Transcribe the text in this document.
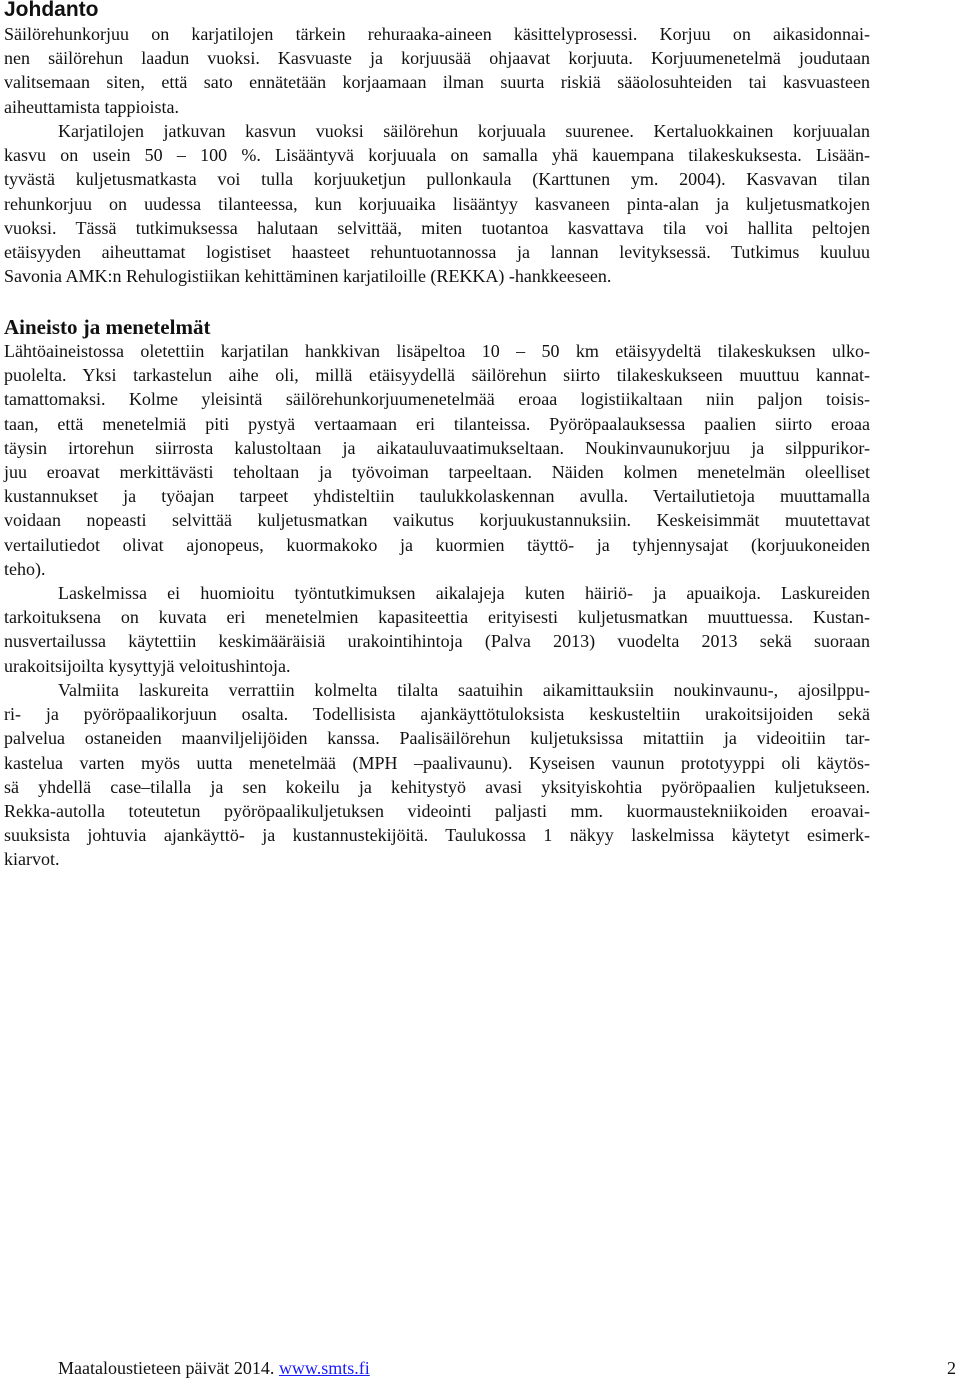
Johdanto
Säilörehunkorjuu on karjatilojen tärkein rehuraaka-aineen käsittelyprosessi. Korjuu on aikasidonnai-
nen säilörehun laadun vuoksi. Kasvuaste ja korjuusää ohjaavat korjuuta. Korjuumenetelmä joudutaan
valitsemaan siten, että sato ennätetään korjaamaan ilman suurta riskiä sääolosuhteiden tai kasvuasteen
aiheuttamista tappioista.
Karjatilojen jatkuvan kasvun vuoksi säilörehun korjuuala suurenee. Kertaluokkainen korjuualan
kasvu on usein 50 – 100 %. Lisääntyvä korjuuala on samalla yhä kauempana tilakeskuksesta. Lisään-
tyvästä kuljetusmatkasta voi tulla korjuuketjun pullonkaula (Karttunen ym. 2004). Kasvavan tilan
rehunkorjuu on uudessa tilanteessa, kun korjuuaika lisääntyy kasvaneen pinta-alan ja kuljetusmatkojen
vuoksi. Tässä tutkimuksessa halutaan selvittää, miten tuotantoa kasvattava tila voi hallita peltojen
etäisyyden aiheuttamat logistiset haasteet rehuntuotannossa ja lannan levityksessä. Tutkimus kuuluu
Savonia AMK:n Rehulogistiikan kehittäminen karjatiloille (REKKA) -hankkeeseen.
Aineisto ja menetelmät
Lähtöaineistossa oletettiin karjatilan hankkivan lisäpeltoa 10 – 50 km etäisyydeltä tilakeskuksen ulko-
puolelta. Yksi tarkastelun aihe oli, millä etäisyydellä säilörehun siirto tilakeskukseen muuttuu kannat-
tamattomaksi. Kolme yleisintä säilörehunkorjuumenetelmää eroaa logistiikaltaan niin paljon toisis-
taan, että menetelmiä piti pystyä vertaamaan eri tilanteissa. Pyöröpaalauksessa paalien siirto eroaa
täysin irtorehun siirrosta kalustoltaan ja aikatauluvaatimukseltaan. Noukinvaunukorjuu ja silppurikor-
juu eroavat merkittävästi teholtaan ja työvoiman tarpeeltaan. Näiden kolmen menetelmän oleelliset
kustannukset ja työajan tarpeet yhdisteltiin taulukkolaskennan avulla. Vertailutietoja muuttamalla
voidaan nopeasti selvittää kuljetusmatkan vaikutus korjuukustannuksiin. Keskeisimmät muutettavat
vertailutiedot olivat ajonopeus, kuormakoko ja kuormien täyttö- ja tyhjennysajat (korjuukoneiden
teho).
Laskelmissa ei huomioitu työntutkimuksen aikalajeja kuten häiriö- ja apuaikoja. Laskureiden
tarkoituksena on kuvata eri menetelmien kapasiteettia erityisesti kuljetusmatkan muuttuessa. Kustan-
nusvertailussa käytettiin keskimääräisiä urakointihintoja (Palva 2013) vuodelta 2013 sekä suoraan
urakoitsijoilta kysyttyjä veloitushintoja.
Valmiita laskureita verrattiin kolmelta tilalta saatuihin aikamittauksiin noukinvaunu-, ajosilppu-
ri- ja pyöröpaalikorjuun osalta. Todellisista ajankäyttötuloksista keskusteltiin urakoitsijoiden sekä
palvelua ostaneiden maanviljelijöiden kanssa. Paalisäilörehun kuljetuksissa mitattiin ja videoitiin tar-
kastelua varten myös uutta menetelmää (MPH –paalivaunu). Kyseisen vaunun prototyyppi oli käytös-
sä yhdellä case–tilalla ja sen kokeilu ja kehitystyö avasi yksityiskohtia pyöröpaalien kuljetukseen.
Rekka-autolla toteutetun pyöröpaalikuljetuksen videointi paljasti mm. kuormaustekniikoiden eroavai-
suuksista johtuvia ajankäyttö- ja kustannustekijöitä. Taulukossa 1 näkyy laskelmissa käytetyt esimerk-
kiarvot.
Maataloustieteen päivät 2014. www.smts.fi	2
